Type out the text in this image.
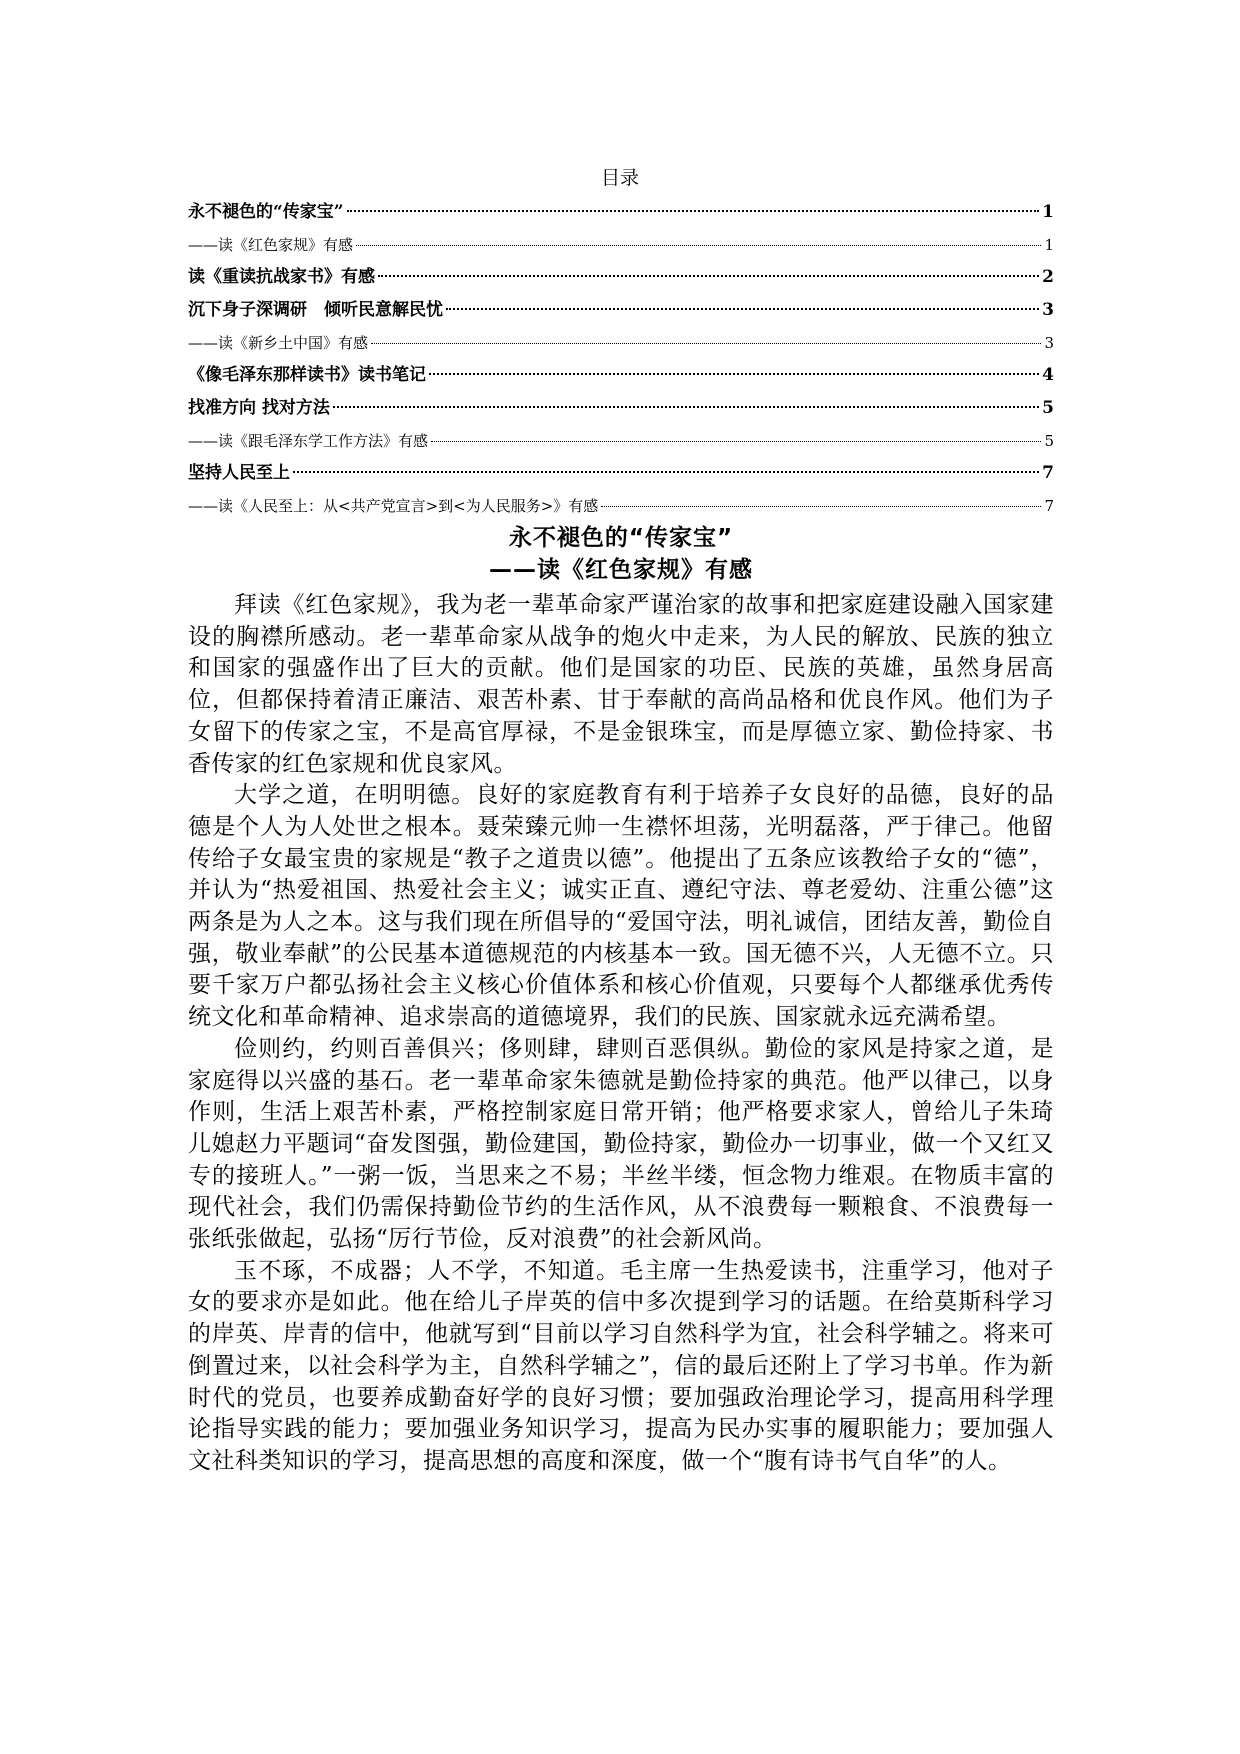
目录
永不褪色的“传家宝”	1
——读《红色家规》有感	1
读《重读抗战家书》有感	2
沉下身子深调研　倾听民意解民忧	3
——读《新乡土中国》有感	3
《像毛泽东那样读书》读书笔记	4
找准方向 找对方法	5
——读《跟毛泽东学工作方法》有感	5
坚持人民至上	7
——读《人民至上：从<共产党宣言>到<为人民服务>》有感	7
永不褪色的“传家宝”
——读《红色家规》有感

拜读《红色家规》，我为老一辈革命家严谨治家的故事和把家庭建设融入国家建设的胸襟所感动。老一辈革命家从战争的炮火中走来，为人民的解放、民族的独立和国家的强盛作出了巨大的贡献。他们是国家的功臣、民族的英雄，虽然身居高位，但都保持着清正廉洁、艰苦朴素、甘于奉献的高尚品格和优良作风。他们为子女留下的传家之宝，不是高官厚禄，不是金银珠宝，而是厚德立家、勤俭持家、书香传家的红色家规和优良家风。

大学之道，在明明德。良好的家庭教育有利于培养子女良好的品德，良好的品德是个人为人处世之根本。聂荣臻元帅一生襟怀坦荡，光明磊落，严于律己。他留传给子女最宝贵的家规是“教子之道贵以德”。他提出了五条应该教给子女的“德”，并认为“热爱祖国、热爱社会主义；诚实正直、遵纪守法、尊老爱幼、注重公德”这两条是为人之本。这与我们现在所倡导的“爱国守法，明礼诚信，团结友善，勤俭自强，敬业奉献”的公民基本道德规范的内核基本一致。国无德不兴，人无德不立。只要千家万户都弘扬社会主义核心价值体系和核心价值观，只要每个人都继承优秀传统文化和革命精神、追求崇高的道德境界，我们的民族、国家就永远充满希望。

俭则约，约则百善俱兴；侈则肆，肆则百恶俱纵。勤俭的家风是持家之道，是家庭得以兴盛的基石。老一辈革命家朱德就是勤俭持家的典范。他严以律己，以身作则，生活上艰苦朴素，严格控制家庭日常开销；他严格要求家人，曾给儿子朱琦儿媳赵力平题词“奋发图强，勤俭建国，勤俭持家，勤俭办一切事业，做一个又红又专的接班人。”一粥一饭，当思来之不易；半丝半缕，恒念物力维艰。在物质丰富的现代社会，我们仍需保持勤俭节约的生活作风，从不浪费每一颗粮食、不浪费每一张纸张做起，弘扬“厉行节俭，反对浪费”的社会新风尚。

玉不琢，不成器；人不学，不知道。毛主席一生热爱读书，注重学习，他对子女的要求亦是如此。他在给儿子岸英的信中多次提到学习的话题。在给莫斯科学习的岸英、岸青的信中，他就写到“目前以学习自然科学为宜，社会科学辅之。将来可倒置过来，以社会科学为主，自然科学辅之”，信的最后还附上了学习书单。作为新时代的党员，也要养成勤奋好学的良好习惯；要加强政治理论学习，提高用科学理论指导实践的能力；要加强业务知识学习，提高为民办实事的履职能力；要加强人文社科类知识的学习，提高思想的高度和深度，做一个“腹有诗书气自华”的人。
